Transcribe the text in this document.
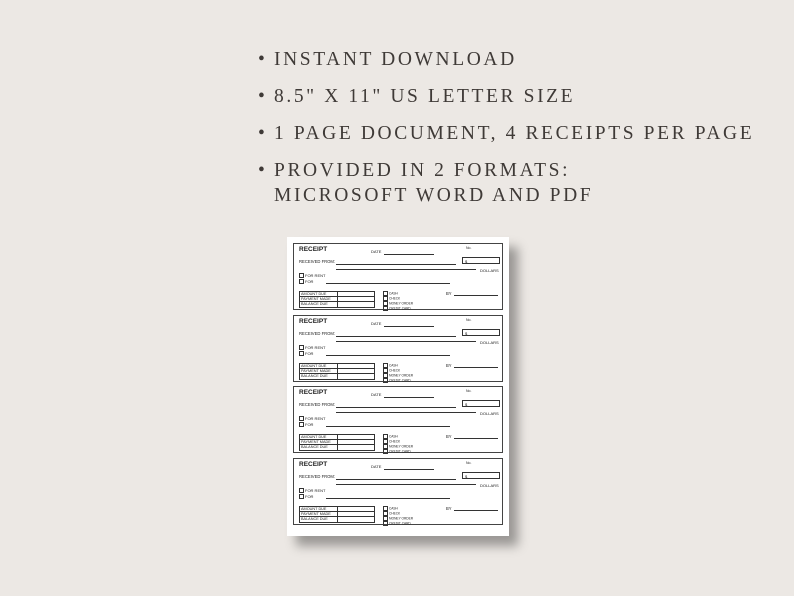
• INSTANT DOWNLOAD
• 8.5" X 11" US LETTER SIZE
• 1 PAGE DOCUMENT, 4 RECEIPTS PER PAGE
• PROVIDED IN 2 FORMATS:
MICROSOFT WORD AND PDF
RECEIPT	DATE
No.
RECEIVED FROM:	$
DOLLARS
FOR RENT
FOR
AMOUNT DUE	
PAYMENT MADE	
BALANCE DUE	
CASH
CHECK
MONEY ORDER
CREDIT CARD
BY
RECEIPT	DATE
No.
RECEIVED FROM:	$
DOLLARS
FOR RENT
FOR
AMOUNT DUE	
PAYMENT MADE	
BALANCE DUE	
CASH
CHECK
MONEY ORDER
CREDIT CARD
BY
RECEIPT	DATE
No.
RECEIVED FROM:	$
DOLLARS
FOR RENT
FOR
AMOUNT DUE	
PAYMENT MADE	
BALANCE DUE	
CASH
CHECK
MONEY ORDER
CREDIT CARD
BY
RECEIPT	DATE
No.
RECEIVED FROM:	$
DOLLARS
FOR RENT
FOR
AMOUNT DUE	
PAYMENT MADE	
BALANCE DUE	
CASH
CHECK
MONEY ORDER
CREDIT CARD
BY
